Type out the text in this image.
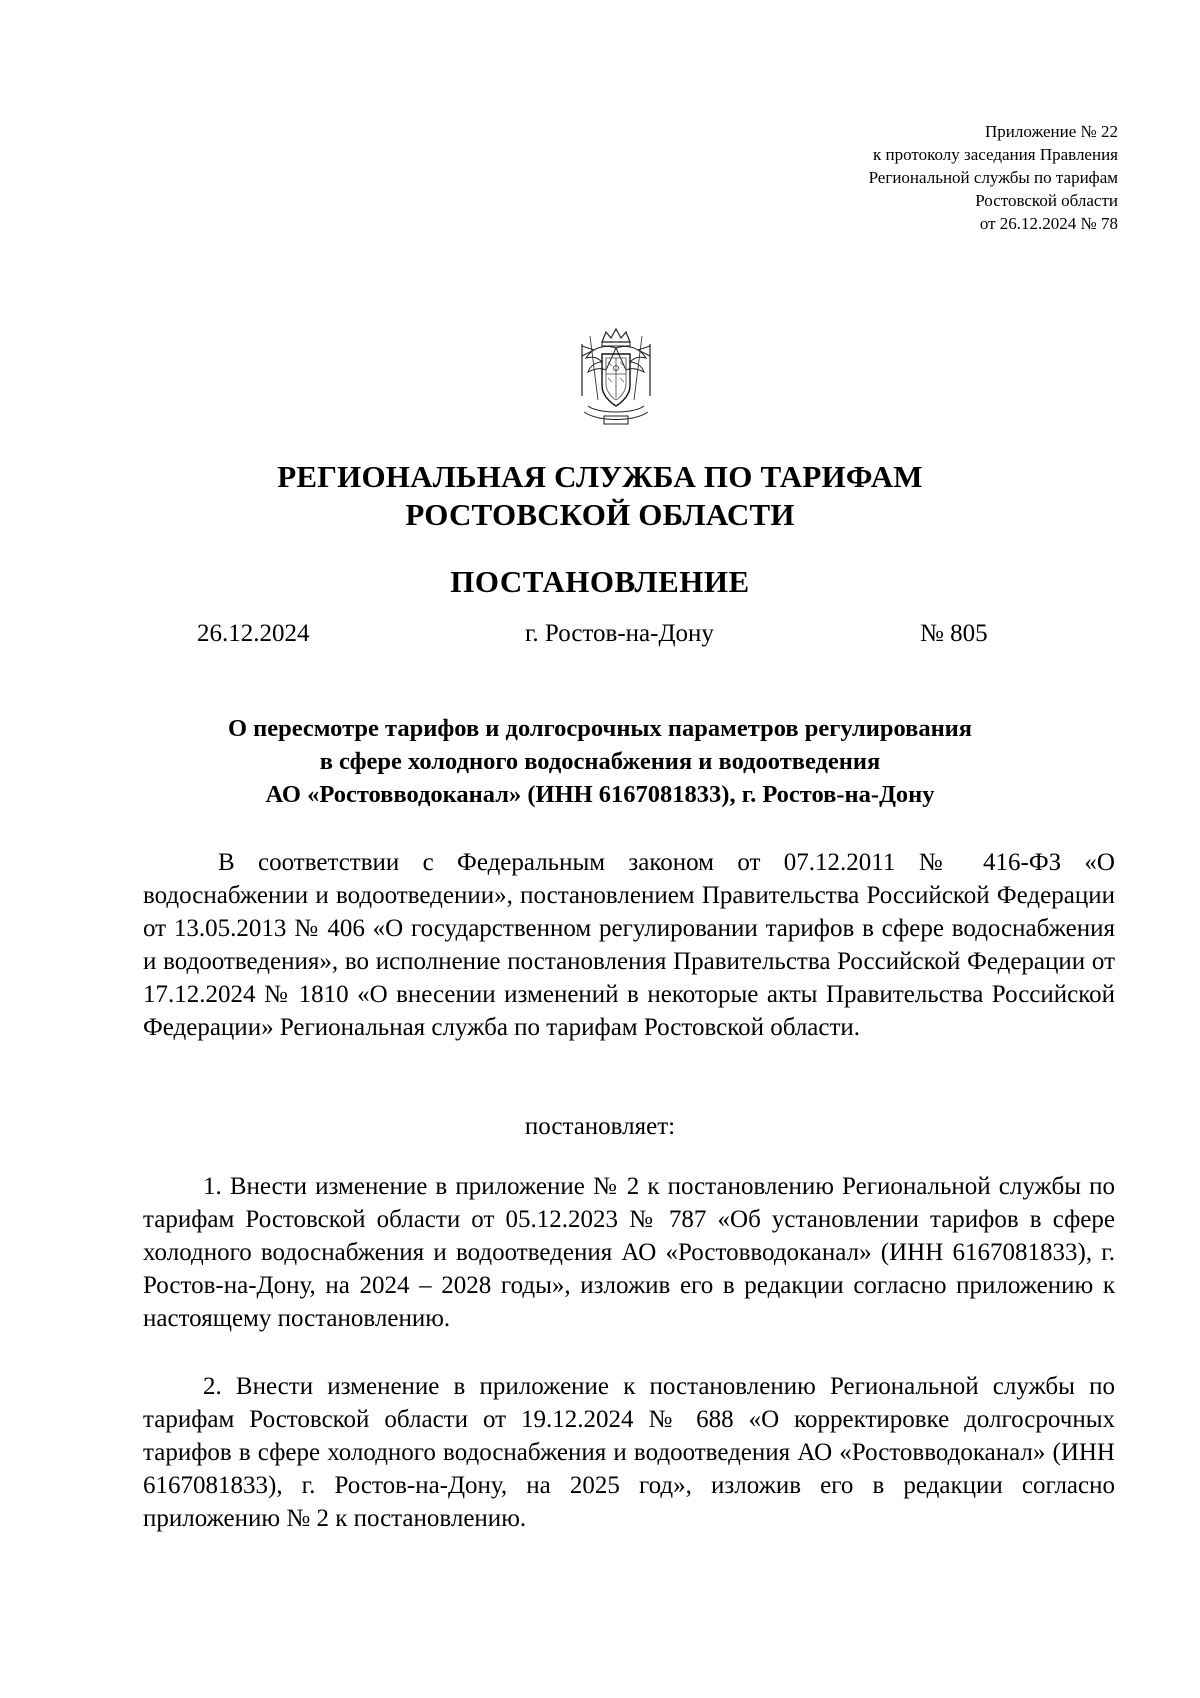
Приложение № 22
к протоколу заседания Правления
Региональной службы по тарифам
Ростовской области
от 26.12.2024 № 78
РЕГИОНАЛЬНАЯ СЛУЖБА ПО ТАРИФАМ
РОСТОВСКОЙ ОБЛАСТИ
ПОСТАНОВЛЕНИЕ
26.12.2024	г. Ростов-на-Дону	№ 805
О пересмотре тарифов и долгосрочных параметров регулирования
в сфере холодного водоснабжения и водоотведения
АО «Ростовводоканал» (ИНН 6167081833), г. Ростов-на-Дону
В соответствии с Федеральным законом от 07.12.2011 № 416-ФЗ «О водоснабжении и водоотведении», постановлением Правительства Российской Федерации от 13.05.2013 № 406 «О государственном регулировании тарифов в сфере водоснабжения и водоотведения», во исполнение постановления Правительства Российской Федерации от 17.12.2024 № 1810 «О внесении изменений в некоторые акты Правительства Российской Федерации» Региональная служба по тарифам Ростовской области.
постановляет:
1. Внести изменение в приложение № 2 к постановлению Региональной службы по тарифам Ростовской области от 05.12.2023 № 787 «Об установлении тарифов в сфере холодного водоснабжения и водоотведения АО «Ростовводоканал» (ИНН 6167081833), г. Ростов-на-Дону, на 2024 – 2028 годы», изложив его в редакции согласно приложению к настоящему постановлению.
2. Внести изменение в приложение к постановлению Региональной службы по тарифам Ростовской области от 19.12.2024 № 688 «О корректировке долгосрочных тарифов в сфере холодного водоснабжения и водоотведения АО «Ростовводоканал» (ИНН 6167081833), г. Ростов-на-Дону, на 2025 год», изложив его в редакции согласно приложению № 2 к постановлению.
